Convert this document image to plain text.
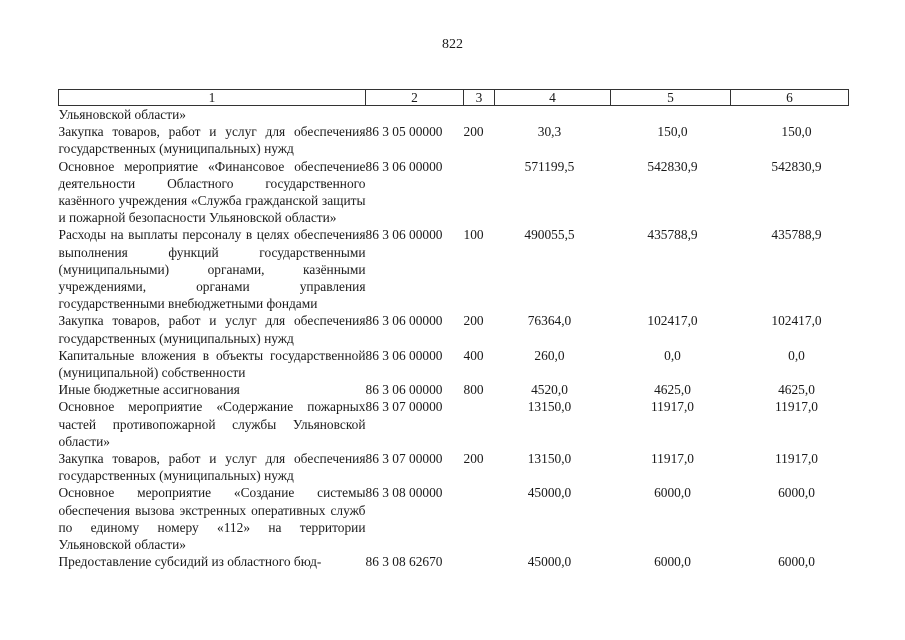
822
1	2	3	4	5	6
Ульяновской области»					
Закупка товаров, работ и услуг для обеспечения государственных (муниципальных) нужд	86 3 05 00000	200	30,3	150,0	150,0
Основное мероприятие «Финансовое обеспечение деятельности Областного государственного казённого учреждения «Служба гражданской защиты и пожарной безопасности Ульяновской области»	86 3 06 00000		571199,5	542830,9	542830,9
Расходы на выплаты персоналу в целях обеспечения выполнения функций государственными (муниципальными) органами, казёнными учреждениями, органами управления государственными внебюджетными фондами	86 3 06 00000	100	490055,5	435788,9	435788,9
Закупка товаров, работ и услуг для обеспечения государственных (муниципальных) нужд	86 3 06 00000	200	76364,0	102417,0	102417,0
Капитальные вложения в объекты государственной (муниципальной) собственности	86 3 06 00000	400	260,0	0,0	0,0
Иные бюджетные ассигнования	86 3 06 00000	800	4520,0	4625,0	4625,0
Основное мероприятие «Содержание пожарных частей противопожарной службы Ульяновской области»	86 3 07 00000		13150,0	11917,0	11917,0
Закупка товаров, работ и услуг для обеспечения государственных (муниципальных) нужд	86 3 07 00000	200	13150,0	11917,0	11917,0
Основное мероприятие «Создание системы обеспечения вызова экстренных оперативных служб по единому номеру «112» на территории Ульяновской области»	86 3 08 00000		45000,0	6000,0	6000,0
Предоставление субсидий из областного бюд-	86 3 08 62670		45000,0	6000,0	6000,0
